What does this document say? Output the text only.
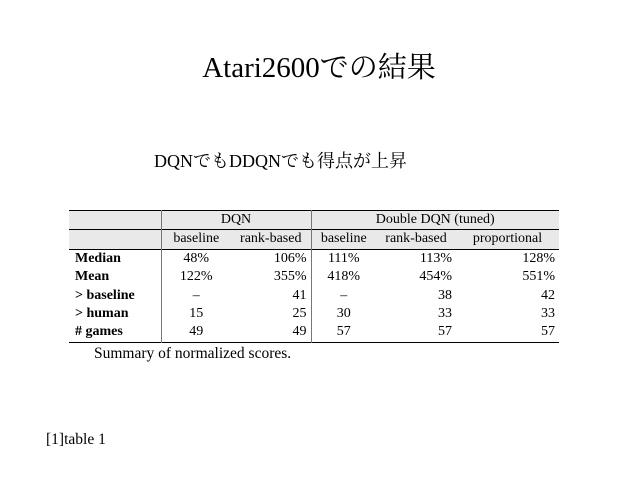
Atari2600での結果
DQNでもDDQNでも得点が上昇
	DQN		Double DQN (tuned)		
	baseline	rank-based	baseline	rank-based	proportional
Median	48%	106%	111%	113%	128%
Mean	122%	355%	418%	454%	551%
> baseline	–	41	–	38	42
> human	15	25	30	33	33
# games	49	49	57	57	57
Summary of normalized scores.
[1]table 1
